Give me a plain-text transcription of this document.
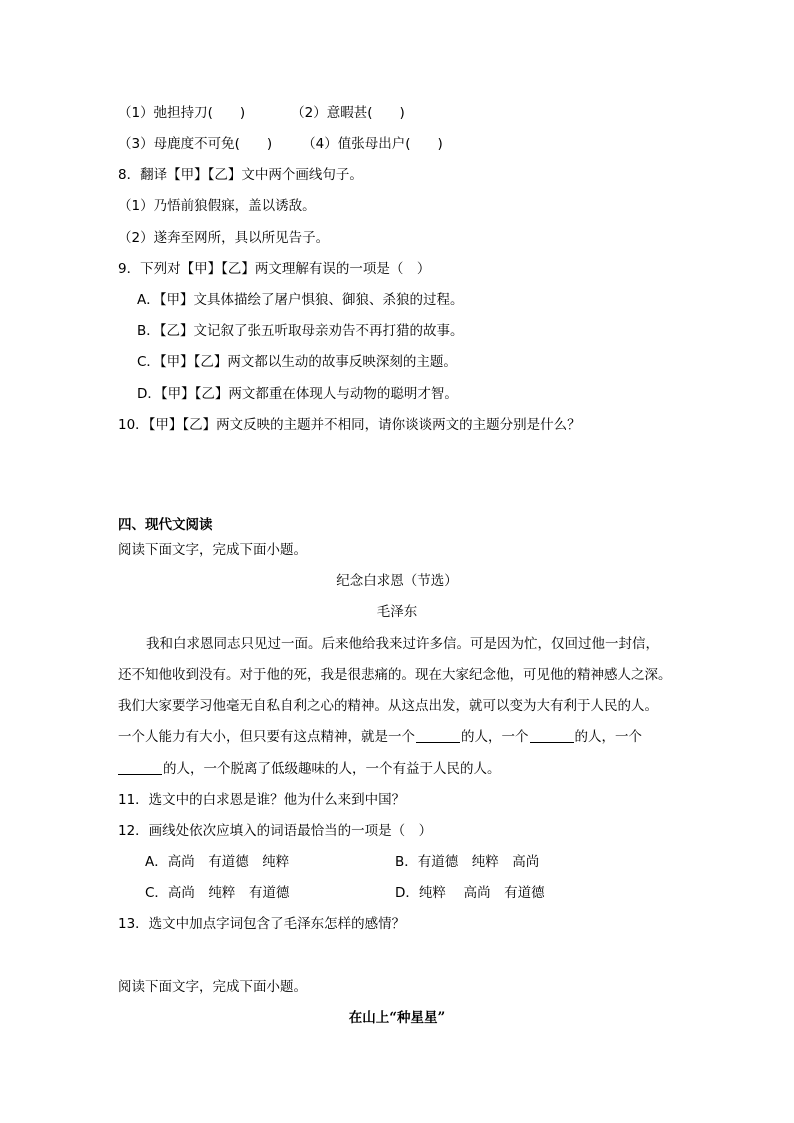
（1）弛担持刀(　　)	（2）意暇甚(　　)
（3）母鹿度不可免(　　) （4）值张母出户(　　)
8．翻译【甲】【乙】文中两个画线句子。
（1）乃悟前狼假寐，盖以诱敌。
（2）遂奔至网所，具以所见告子。
9．下列对【甲】【乙】两文理解有误的一项是（　）
A．【甲】文具体描绘了屠户惧狼、御狼、杀狼的过程。
B．【乙】文记叙了张五听取母亲劝告不再打猎的故事。
C．【甲】【乙】两文都以生动的故事反映深刻的主题。
D．【甲】【乙】两文都重在体现人与动物的聪明才智。
10．【甲】【乙】两文反映的主题并不相同，请你谈谈两文的主题分别是什么？
四、现代文阅读
阅读下面文字，完成下面小题。
纪念白求恩（节选）
毛泽东
我和白求恩同志只见过一面。后来他给我来过许多信。可是因为忙，仅回过他一封信，
还不知他收到没有。对于他的死，我是很悲痛的。现在大家纪念他，可见他的精神感人之深。
我们大家要学习他毫无自私自利之心的精神。从这点出发，就可以变为大有利于人民的人。
一个人能力有大小，但只要有这点精神，就是一个	的人，一个	的人，一个
的人，一个脱离了低级趣味的人，一个有益于人民的人。
11．选文中的白求恩是谁？他为什么来到中国？
12．画线处依次应填入的词语最恰当的一项是（　）
A．高尚　有道德　纯粹	B．有道德　纯粹　高尚
C．高尚　纯粹　有道德	D．纯粹　 高尚　有道德
13．选文中加点字词包含了毛泽东怎样的感情？
阅读下面文字，完成下面小题。
在山上“种星星”
